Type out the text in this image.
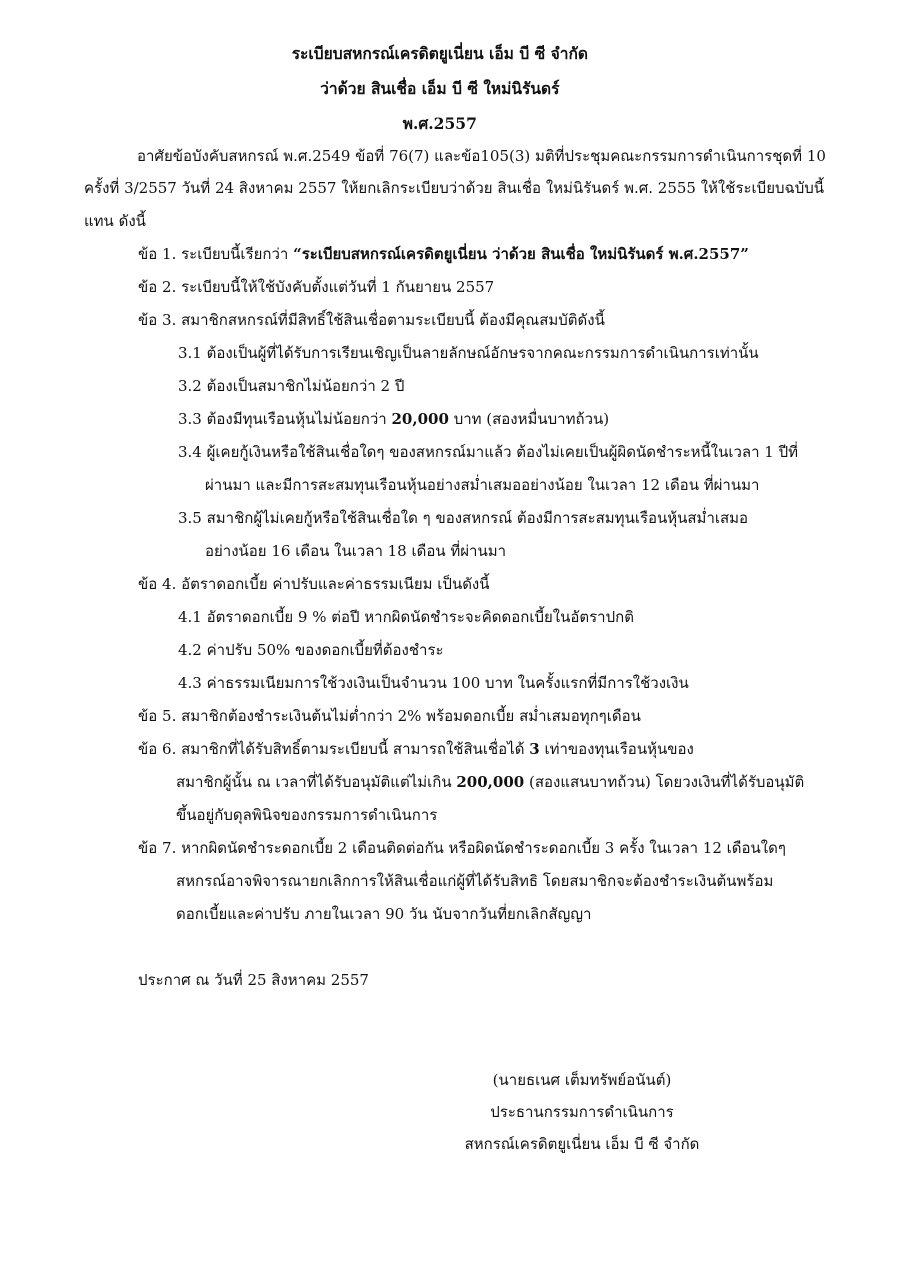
ระเบียบสหกรณ์เครดิตยูเนี่ยน เอ็ม บี ซี จำกัด
ว่าด้วย สินเชื่อ เอ็ม บี ซี ใหม่นิรันดร์
พ.ศ.2557
อาศัยข้อบังคับสหกรณ์ พ.ศ.2549 ข้อที่ 76(7) และข้อ105(3) มติที่ประชุมคณะกรรมการดำเนินการชุดที่ 10
ครั้งที่ 3/2557 วันที่ 24 สิงหาคม 2557 ให้ยกเลิกระเบียบว่าด้วย สินเชื่อ ใหม่นิรันดร์ พ.ศ. 2555 ให้ใช้ระเบียบฉบับนี้
แทน ดังนี้
ข้อ 1. ระเบียบนี้เรียกว่า “ระเบียบสหกรณ์เครดิตยูเนี่ยน ว่าด้วย สินเชื่อ ใหม่นิรันดร์ พ.ศ.2557”
ข้อ 2. ระเบียบนี้ให้ใช้บังคับตั้งแต่วันที่ 1 กันยายน 2557
ข้อ 3. สมาชิกสหกรณ์ที่มีสิทธิ์ใช้สินเชื่อตามระเบียบนี้ ต้องมีคุณสมบัติดังนี้
3.1 ต้องเป็นผู้ที่ได้รับการเรียนเชิญเป็นลายลักษณ์อักษรจากคณะกรรมการดำเนินการเท่านั้น
3.2 ต้องเป็นสมาชิกไม่น้อยกว่า 2 ปี
3.3 ต้องมีทุนเรือนหุ้นไม่น้อยกว่า 20,000 บาท (สองหมื่นบาทถ้วน)
3.4 ผู้เคยกู้เงินหรือใช้สินเชื่อใดๆ ของสหกรณ์มาแล้ว ต้องไม่เคยเป็นผู้ผิดนัดชำระหนี้ในเวลา 1 ปีที่
ผ่านมา และมีการสะสมทุนเรือนหุ้นอย่างสม่ำเสมออย่างน้อย ในเวลา 12 เดือน ที่ผ่านมา
3.5 สมาชิกผู้ไม่เคยกู้หรือใช้สินเชื่อใด ๆ ของสหกรณ์ ต้องมีการสะสมทุนเรือนหุ้นสม่ำเสมอ
อย่างน้อย 16 เดือน ในเวลา 18 เดือน ที่ผ่านมา
ข้อ 4. อัตราดอกเบี้ย ค่าปรับและค่าธรรมเนียม เป็นดังนี้
4.1 อัตราดอกเบี้ย 9 % ต่อปี หากผิดนัดชำระจะคิดดอกเบี้ยในอัตราปกติ
4.2 ค่าปรับ 50% ของดอกเบี้ยที่ต้องชำระ
4.3 ค่าธรรมเนียมการใช้วงเงินเป็นจำนวน 100 บาท ในครั้งแรกที่มีการใช้วงเงิน
ข้อ 5. สมาชิกต้องชำระเงินต้นไม่ต่ำกว่า 2% พร้อมดอกเบี้ย สม่ำเสมอทุกๆเดือน
ข้อ 6. สมาชิกที่ได้รับสิทธิ์ตามระเบียบนี้ สามารถใช้สินเชื่อได้ 3 เท่าของทุนเรือนหุ้นของ
สมาชิกผู้นั้น ณ เวลาที่ได้รับอนุมัติแต่ไม่เกิน 200,000 (สองแสนบาทถ้วน) โดยวงเงินที่ได้รับอนุมัติ
ขึ้นอยู่กับดุลพินิจของกรรมการดำเนินการ
ข้อ 7. หากผิดนัดชำระดอกเบี้ย 2 เดือนติดต่อกัน หรือผิดนัดชำระดอกเบี้ย 3 ครั้ง ในเวลา 12 เดือนใดๆ
สหกรณ์อาจพิจารณายกเลิกการให้สินเชื่อแก่ผู้ที่ได้รับสิทธิ โดยสมาชิกจะต้องชำระเงินต้นพร้อม
ดอกเบี้ยและค่าปรับ ภายในเวลา 90 วัน นับจากวันที่ยกเลิกสัญญา
ประกาศ ณ วันที่ 25 สิงหาคม 2557
(นายธเนศ เต็มทรัพย์อนันต์)
ประธานกรรมการดำเนินการ
สหกรณ์เครดิตยูเนี่ยน เอ็ม บี ซี จำกัด
